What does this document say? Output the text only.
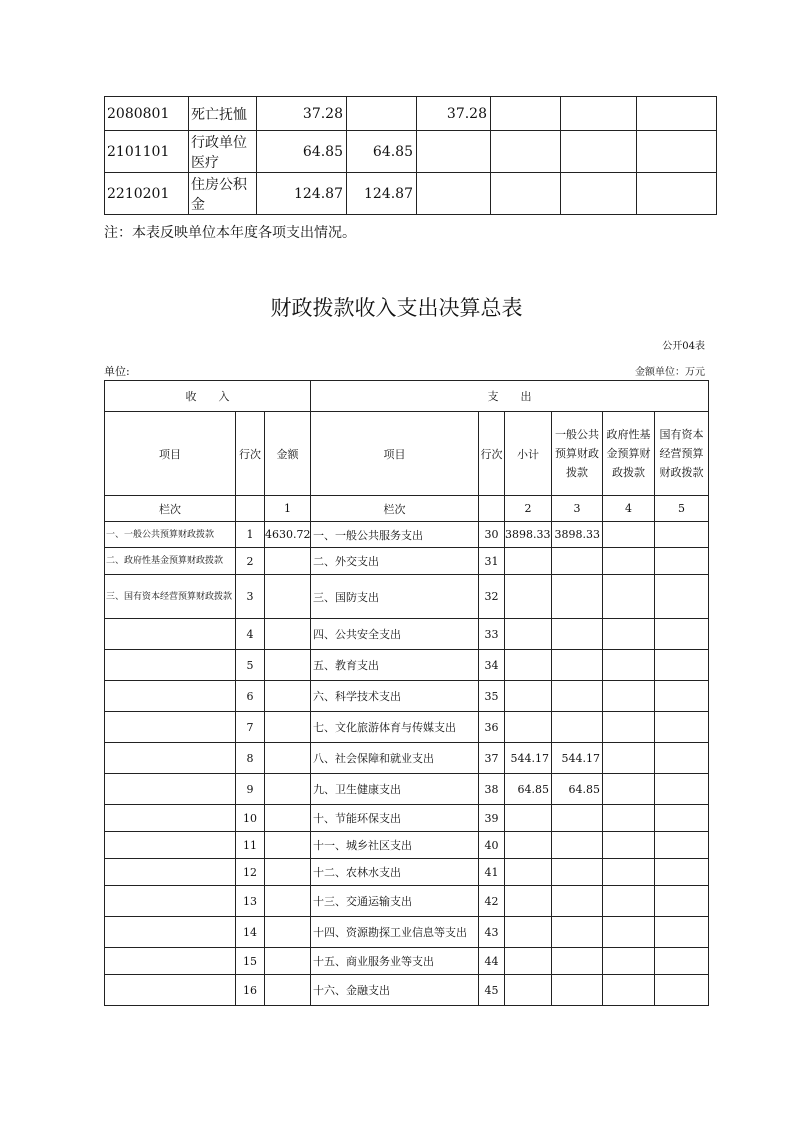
2080801	死亡抚恤	37.28		37.28			
2101101	行政单位医疗	64.85	64.85				
2210201	住房公积金	124.87	124.87				
注：本表反映单位本年度各项支出情况。
财政拨款收入支出决算总表
公开04表
单位:	金额单位：万元
收　　入			支　　出					
项目	行次	金额	项目	行次	小计	一般公共预算财政拨款	政府性基金预算财政拨款	国有资本经营预算财政拨款
栏次		1	栏次		2	3	4	5
一、一般公共预算财政拨款	1	4630.72	一、一般公共服务支出	30	3898.33	3898.33		
二、政府性基金预算财政拨款	2		二、外交支出	31				
三、国有资本经营预算财政拨款	3		三、国防支出	32				
	4		四、公共安全支出	33				
	5		五、教育支出	34				
	6		六、科学技术支出	35				
	7		七、文化旅游体育与传媒支出	36				
	8		八、社会保障和就业支出	37	544.17	544.17		
	9		九、卫生健康支出	38	64.85	64.85		
	10		十、节能环保支出	39				
	11		十一、城乡社区支出	40				
	12		十二、农林水支出	41				
	13		十三、交通运输支出	42				
	14		十四、资源勘探工业信息等支出	43				
	15		十五、商业服务业等支出	44				
	16		十六、金融支出	45				
